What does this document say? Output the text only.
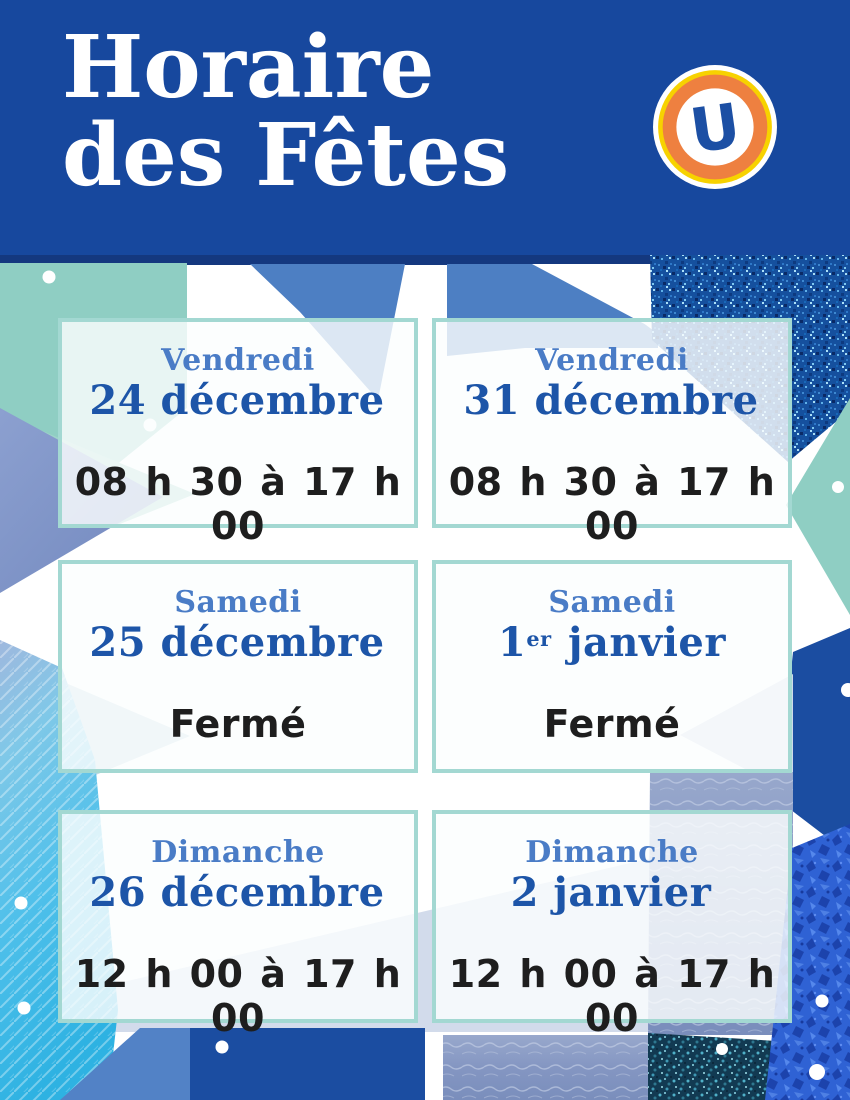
Horaire
des Fêtes	U
Vendredi
24 décembre
08 h 30 à 17 h 00
Vendredi
31 décembre
08 h 30 à 17 h 00
Samedi
25 décembre
Fermé
Samedi
1er janvier
Fermé
Dimanche
26 décembre
12 h 00 à 17 h 00
Dimanche
2 janvier
12 h 00 à 17 h 00
